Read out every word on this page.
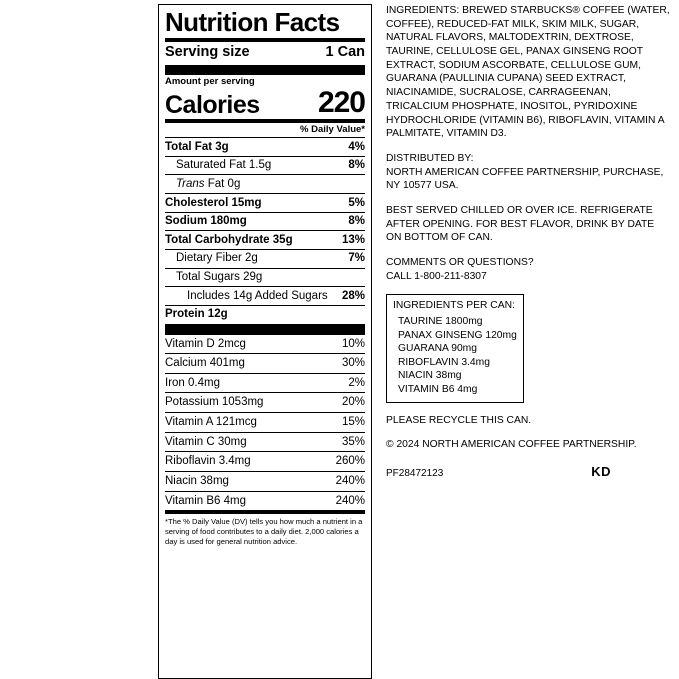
Nutrition Facts
Serving size	1 Can
Amount per serving
Calories 220
% Daily Value*
Total Fat 3g	4%
Saturated Fat 1.5g	8%
Trans Fat 0g
Cholesterol 15mg	5%
Sodium 180mg	8%
Total Carbohydrate 35g	13%
Dietary Fiber 2g	7%
Total Sugars 29g
Includes 14g Added Sugars 28%
Protein 12g
Vitamin D 2mcg	10%
Calcium 401mg	30%
Iron 0.4mg	2%
Potassium 1053mg	20%
Vitamin A 121mcg	15%
Vitamin C 30mg	35%
Riboflavin 3.4mg	260%
Niacin 38mg	240%
Vitamin B6 4mg	240%
*The % Daily Value (DV) tells you how much a nutrient in a serving of food contributes to a daily diet. 2,000 calories a day is used for general nutrition advice.

INGREDIENTS: BREWED STARBUCKS® COFFEE (WATER, COFFEE), REDUCED-FAT MILK, SKIM MILK, SUGAR, NATURAL FLAVORS, MALTODEXTRIN, DEXTROSE, TAURINE, CELLULOSE GEL, PANAX GINSENG ROOT EXTRACT, SODIUM ASCORBATE, CELLULOSE GUM, GUARANA (PAULLINIA CUPANA) SEED EXTRACT, NIACINAMIDE, SUCRALOSE, CARRAGEENAN, TRICALCIUM PHOSPHATE, INOSITOL, PYRIDOXINE HYDROCHLORIDE (VITAMIN B6), RIBOFLAVIN, VITAMIN A PALMITATE, VITAMIN D3.

DISTRIBUTED BY:
NORTH AMERICAN COFFEE PARTNERSHIP, PURCHASE, NY 10577 USA.

BEST SERVED CHILLED OR OVER ICE. REFRIGERATE AFTER OPENING. FOR BEST FLAVOR, DRINK BY DATE ON BOTTOM OF CAN.

COMMENTS OR QUESTIONS?
CALL 1-800-211-8307

INGREDIENTS PER CAN:
TAURINE 1800mg
PANAX GINSENG 120mg
GUARANA 90mg
RIBOFLAVIN 3.4mg
NIACIN 38mg
VITAMIN B6 4mg

PLEASE RECYCLE THIS CAN.

© 2024 NORTH AMERICAN COFFEE PARTNERSHIP.

PF28472123	KD
